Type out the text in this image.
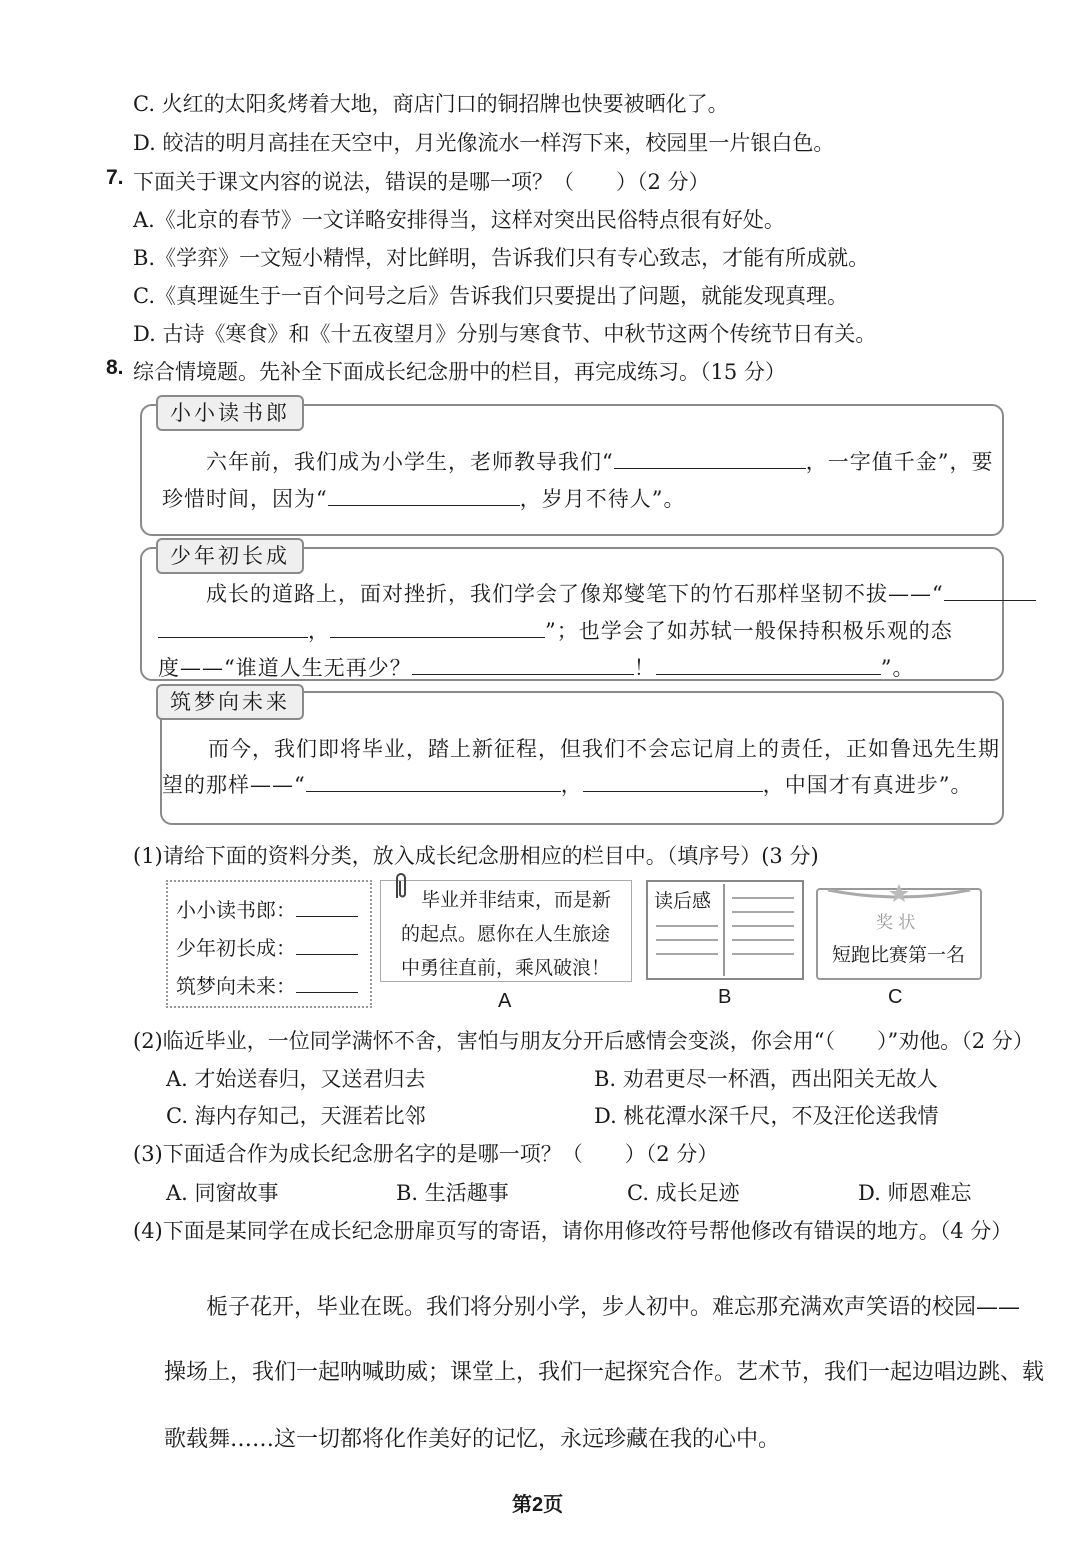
C. 火红的太阳炙烤着大地，商店门口的铜招牌也快要被晒化了。
D. 皎洁的明月高挂在天空中，月光像流水一样泻下来，校园里一片银白色。
7. 下面关于课文内容的说法，错误的是哪一项？（　　）（2 分）
A.《北京的春节》一文详略安排得当，这样对突出民俗特点很有好处。
B.《学弈》一文短小精悍，对比鲜明，告诉我们只有专心致志，才能有所成就。
C.《真理诞生于一百个问号之后》告诉我们只要提出了问题，就能发现真理。
D. 古诗《寒食》和《十五夜望月》分别与寒食节、中秋节这两个传统节日有关。
8. 综合情境题。先补全下面成长纪念册中的栏目，再完成练习。（15 分）
小小读书郎
六年前，我们成为小学生，老师教导我们“	，一字值千金”，要
珍惜时间，因为“	，岁月不待人”。
少年初长成
成长的道路上，面对挫折，我们学会了像郑燮笔下的竹石那样坚韧不拔——“
，	”；也学会了如苏轼一般保持积极乐观的态
度——“谁道人生无再少？	！	”。
筑梦向未来
而今，我们即将毕业，踏上新征程，但我们不会忘记肩上的责任，正如鲁迅先生期
望的那样——“	，	，中国才有真进步”。
(1)请给下面的资料分类，放入成长纪念册相应的栏目中。（填序号）(3 分)
小小读书郎：
少年初长成：
筑梦向未来：
毕业并非结束，而是新
的起点。愿你在人生旅途
中勇往直前，乘风破浪！
A
读后感
B
奖 状
短跑比赛第一名
C
(2)临近毕业，一位同学满怀不舍，害怕与朋友分开后感情会变淡，你会用“（　　）”劝他。（2 分）
A. 才始送春归，又送君归去	B. 劝君更尽一杯酒，西出阳关无故人
C. 海内存知己，天涯若比邻	D. 桃花潭水深千尺，不及汪伦送我情
(3)下面适合作为成长纪念册名字的是哪一项？（　　）（2 分）
A. 同窗故事	B. 生活趣事	C. 成长足迹	D. 师恩难忘
(4)下面是某同学在成长纪念册扉页写的寄语，请你用修改符号帮他修改有错误的地方。（4 分）
栀子花开，毕业在既。我们将分别小学，步人初中。难忘那充满欢声笑语的校园——
操场上，我们一起呐喊助威；课堂上，我们一起探究合作。艺术节，我们一起边唱边跳、载
歌载舞……这一切都将化作美好的记忆，永远珍藏在我的心中。
第2页
